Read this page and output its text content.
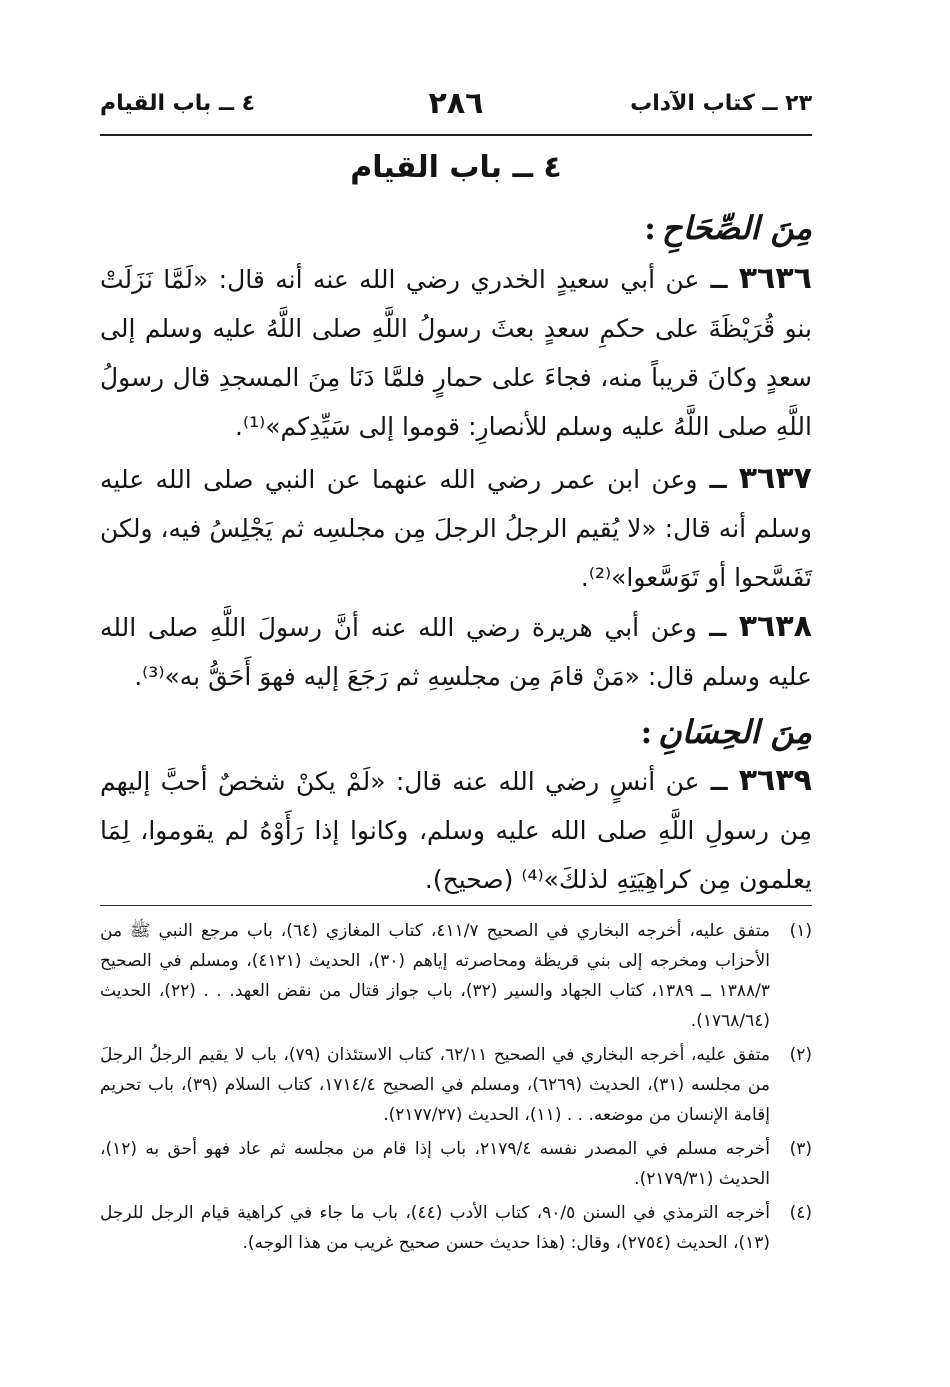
٢٣ ــ كتاب الآداب
٢٨٦
٤ ــ باب القيام
٤ ــ باب القيام
مِنَ الصِّحَاحِ:
٣٦٣٦ ــ عن أبي سعيدٍ الخدري رضي الله عنه أنه قال: «لَمَّا نَزَلَتْ بنو قُرَيْظَةَ على حكمِ سعدٍ بعثَ رسولُ اللَّهِ صلى اللَّهُ عليه وسلم إلى سعدٍ وكانَ قريباً منه، فجاءَ على حمارٍ فلمَّا دَنَا مِنَ المسجدِ قال رسولُ اللَّهِ صلى اللَّهُ عليه وسلم للأنصارِ: قوموا إلى سَيِّدِكم»⁽¹⁾.
٣٦٣٧ ــ وعن ابن عمر رضي الله عنهما عن النبي صلى الله عليه وسلم أنه قال: «لا يُقيم الرجلُ الرجلَ مِن مجلسِه ثم يَجْلِسُ فيه، ولكن تَفَسَّحوا أو تَوَسَّعوا»⁽²⁾.
٣٦٣٨ ــ وعن أبي هريرة رضي الله عنه أنَّ رسولَ اللَّهِ صلى الله عليه وسلم قال: «مَنْ قامَ مِن مجلسِهِ ثم رَجَعَ إليه فهوَ أَحَقُّ به»⁽³⁾.
مِنَ الحِسَانِ:
٣٦٣٩ ــ عن أنسٍ رضي الله عنه قال: «لَمْ يكنْ شخصٌ أحبَّ إليهم مِن رسولِ اللَّهِ صلى الله عليه وسلم، وكانوا إذا رَأَوْهُ لم يقوموا، لِمَا يعلمون مِن كراهِيَتِهِ لذلكَ»⁽⁴⁾ (صحيح).
(١)
متفق عليه، أخرجه البخاري في الصحيح ٤١١/٧، كتاب المغازي (٦٤)، باب مرجع النبي ﷺ من الأحزاب ومخرجه إلى بني قريظة ومحاصرته إياهم (٣٠)، الحديث (٤١٢١)، ومسلم في الصحيح ١٣٨٨/٣ ــ ١٣٨٩، كتاب الجهاد والسير (٣٢)، باب جواز قتال من نقض العهد. . . (٢٢)، الحديث (١٧٦٨/٦٤).
(٢)
متفق عليه، أخرجه البخاري في الصحيح ٦٢/١١، كتاب الاستئذان (٧٩)، باب لا يقيم الرجلُ الرجلَ من مجلسه (٣١)، الحديث (٦٢٦٩)، ومسلم في الصحيح ١٧١٤/٤، كتاب السلام (٣٩)، باب تحريم إقامة الإنسان من موضعه. . . (١١)، الحديث (٢١٧٧/٢٧).
(٣)
أخرجه مسلم في المصدر نفسه ٢١٧٩/٤، باب إذا قام من مجلسه ثم عاد فهو أحق به (١٢)، الحديث (٢١٧٩/٣١).
(٤)
أخرجه الترمذي في السنن ٩٠/٥، كتاب الأدب (٤٤)، باب ما جاء في كراهية قيام الرجل للرجل (١٣)، الحديث (٢٧٥٤)، وقال: (هذا حديث حسن صحيح غريب من هذا الوجه).
